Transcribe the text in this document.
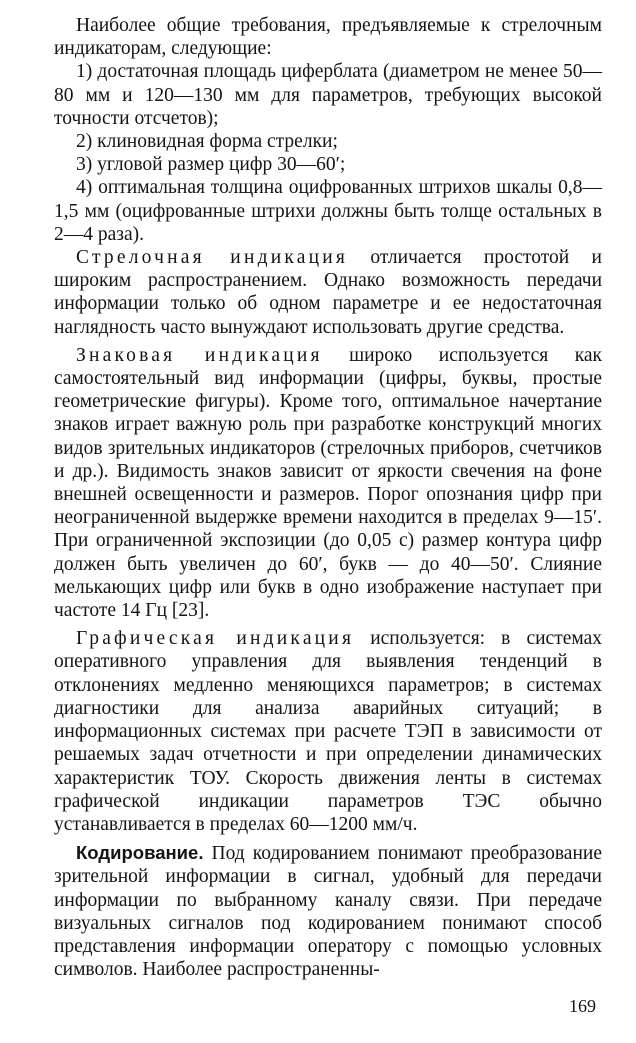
Наиболее общие требования, предъявляемые к стрелочным индикаторам, следующие:

1) достаточная площадь циферблата (диаметром не менее 50—80 мм и 120—130 мм для параметров, требующих высокой точности отсчетов);

2) клиновидная форма стрелки;

3) угловой размер цифр 30—60′;

4) оптимальная толщина оцифрованных штрихов шкалы 0,8—1,5 мм (оцифрованные штрихи должны быть толще остальных в 2—4 раза).

Стрелочная индикация отличается простотой и широким распространением. Однако возможность передачи информации только об одном параметре и ее недостаточная наглядность часто вынуждают использовать другие средства.

Знаковая индикация широко используется как самостоятельный вид информации (цифры, буквы, простые геометрические фигуры). Кроме того, оптимальное начертание знаков играет важную роль при разработке конструкций многих видов зрительных индикаторов (стрелочных приборов, счетчиков и др.). Видимость знаков зависит от яркости свечения на фоне внешней освещенности и размеров. Порог опознания цифр при неограниченной выдержке времени находится в пределах 9—15′. При ограниченной экспозиции (до 0,05 с) размер контура цифр должен быть увеличен до 60′, букв — до 40—50′. Слияние мелькающих цифр или букв в одно изображение наступает при частоте 14 Гц [23].

Графическая индикация используется: в системах оперативного управления для выявления тенденций в отклонениях медленно меняющихся параметров; в системах диагностики для анализа аварийных ситуаций; в информационных системах при расчете ТЭП в зависимости от решаемых задач отчетности и при определении динамических характеристик ТОУ. Скорость движения ленты в системах графической индикации параметров ТЭС обычно устанавливается в пределах 60—1200 мм/ч.

Кодирование. Под кодированием понимают преобразование зрительной информации в сигнал, удобный для передачи информации по выбранному каналу связи. При передаче визуальных сигналов под кодированием понимают способ представления информации оператору с помощью условных символов. Наиболее распространенны-

169
